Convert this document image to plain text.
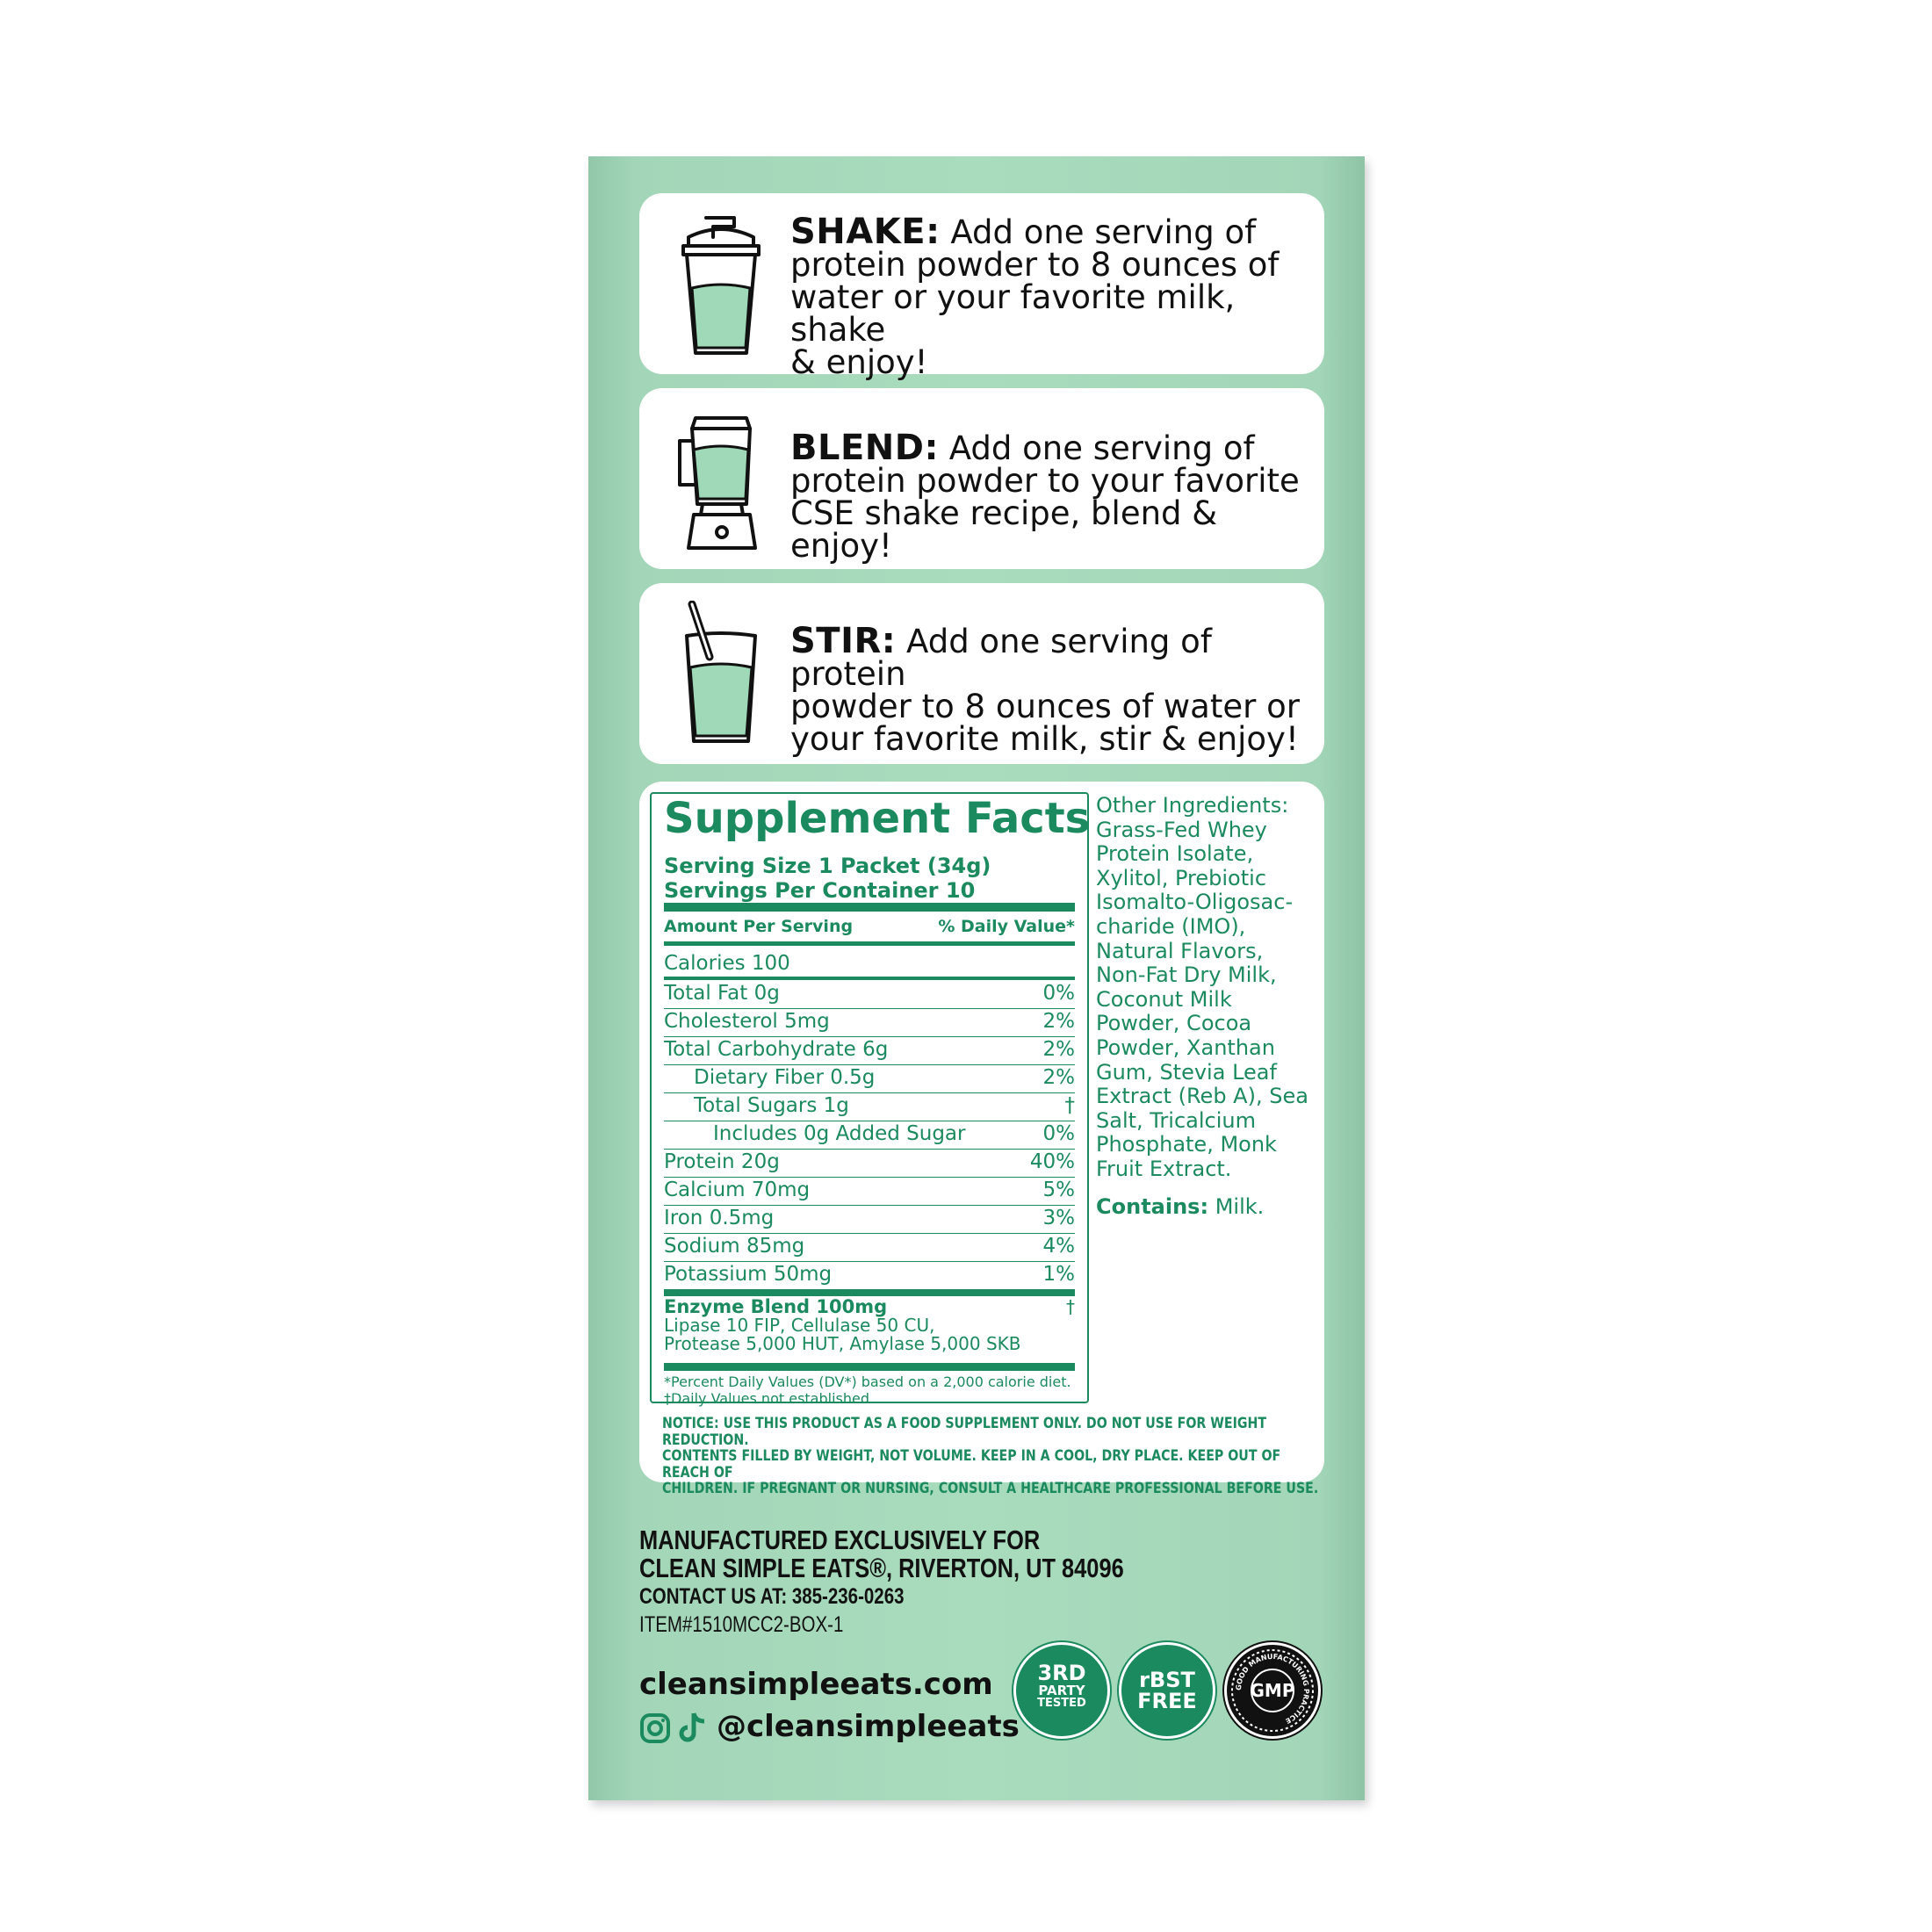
SHAKE: Add one serving of
protein powder to 8 ounces of
water or your favorite milk, shake
& enjoy!
BLEND: Add one serving of
protein powder to your favorite
CSE shake recipe, blend & enjoy!
STIR: Add one serving of protein
powder to 8 ounces of water or
your favorite milk, stir & enjoy!
Supplement Facts
Serving Size 1 Packet (34g)
Servings Per Container 10
Amount Per Serving	% Daily Value*
Calories 100
Total Fat 0g	0%
Cholesterol 5mg	2%
Total Carbohydrate 6g	2%
Dietary Fiber 0.5g	2%
Total Sugars 1g	†
Includes 0g Added Sugar	0%
Protein 20g	40%
Calcium 70mg	5%
Iron 0.5mg	3%
Sodium 85mg	4%
Potassium 50mg	1%
Enzyme Blend 100mg	†
Lipase 10 FIP, Cellulase 50 CU,
Protease 5,000 HUT, Amylase 5,000 SKB
*Percent Daily Values (DV*) based on a 2,000 calorie diet.
†Daily Values not established.
Other Ingredients:
Grass-Fed Whey
Protein Isolate,
Xylitol, Prebiotic
Isomalto-Oligosac-
charide (IMO),
Natural Flavors,
Non-Fat Dry Milk,
Coconut Milk
Powder, Cocoa
Powder, Xanthan
Gum, Stevia Leaf
Extract (Reb A), Sea
Salt, Tricalcium
Phosphate, Monk
Fruit Extract.
Contains: Milk.
NOTICE: USE THIS PRODUCT AS A FOOD SUPPLEMENT ONLY. DO NOT USE FOR WEIGHT REDUCTION.
CONTENTS FILLED BY WEIGHT, NOT VOLUME. KEEP IN A COOL, DRY PLACE. KEEP OUT OF REACH OF
CHILDREN. IF PREGNANT OR NURSING, CONSULT A HEALTHCARE PROFESSIONAL BEFORE USE.
MANUFACTURED EXCLUSIVELY FOR
CLEAN SIMPLE EATS®, RIVERTON, UT 84096
CONTACT US AT: 385-236-0263
ITEM#1510MCC2-BOX-1
cleansimpleeats.com
@cleansimpleeats
3RD
PARTY
TESTED
rBST
FREE
GOOD MANUFACTURING PRACTICE
GMP
